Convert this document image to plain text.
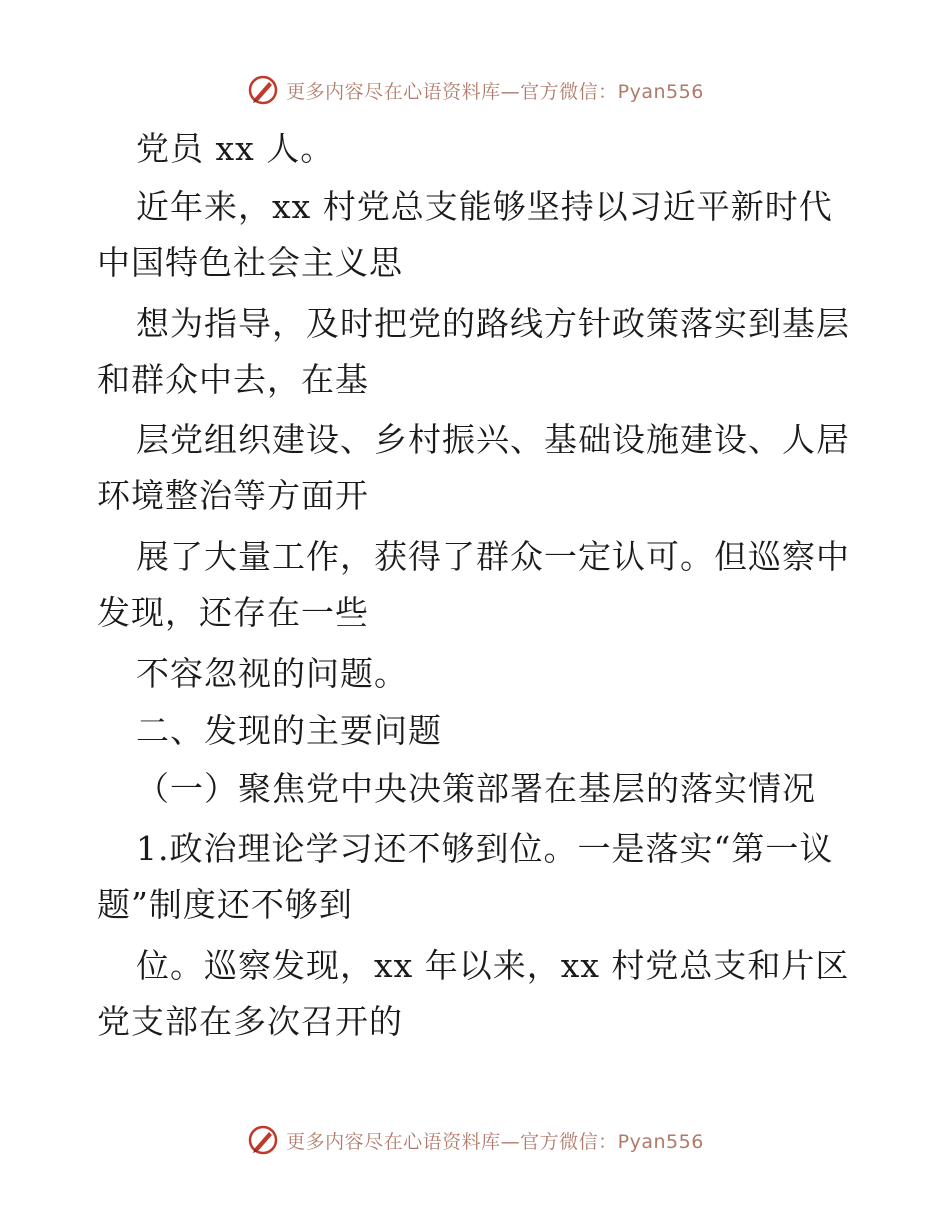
更多内容尽在心语资料库—官方微信：Pyan556
党员 xx 人。
近年来，xx 村党总支能够坚持以习近平新时代
中国特色社会主义思
想为指导，及时把党的路线方针政策落实到基层
和群众中去，在基
层党组织建设、乡村振兴、基础设施建设、人居
环境整治等方面开
展了大量工作，获得了群众一定认可。但巡察中
发现，还存在一些
不容忽视的问题。
二、发现的主要问题
（一）聚焦党中央决策部署在基层的落实情况
1.政治理论学习还不够到位。一是落实“第一议
题”制度还不够到
位。巡察发现，xx 年以来，xx 村党总支和片区
党支部在多次召开的
更多内容尽在心语资料库—官方微信：Pyan556
